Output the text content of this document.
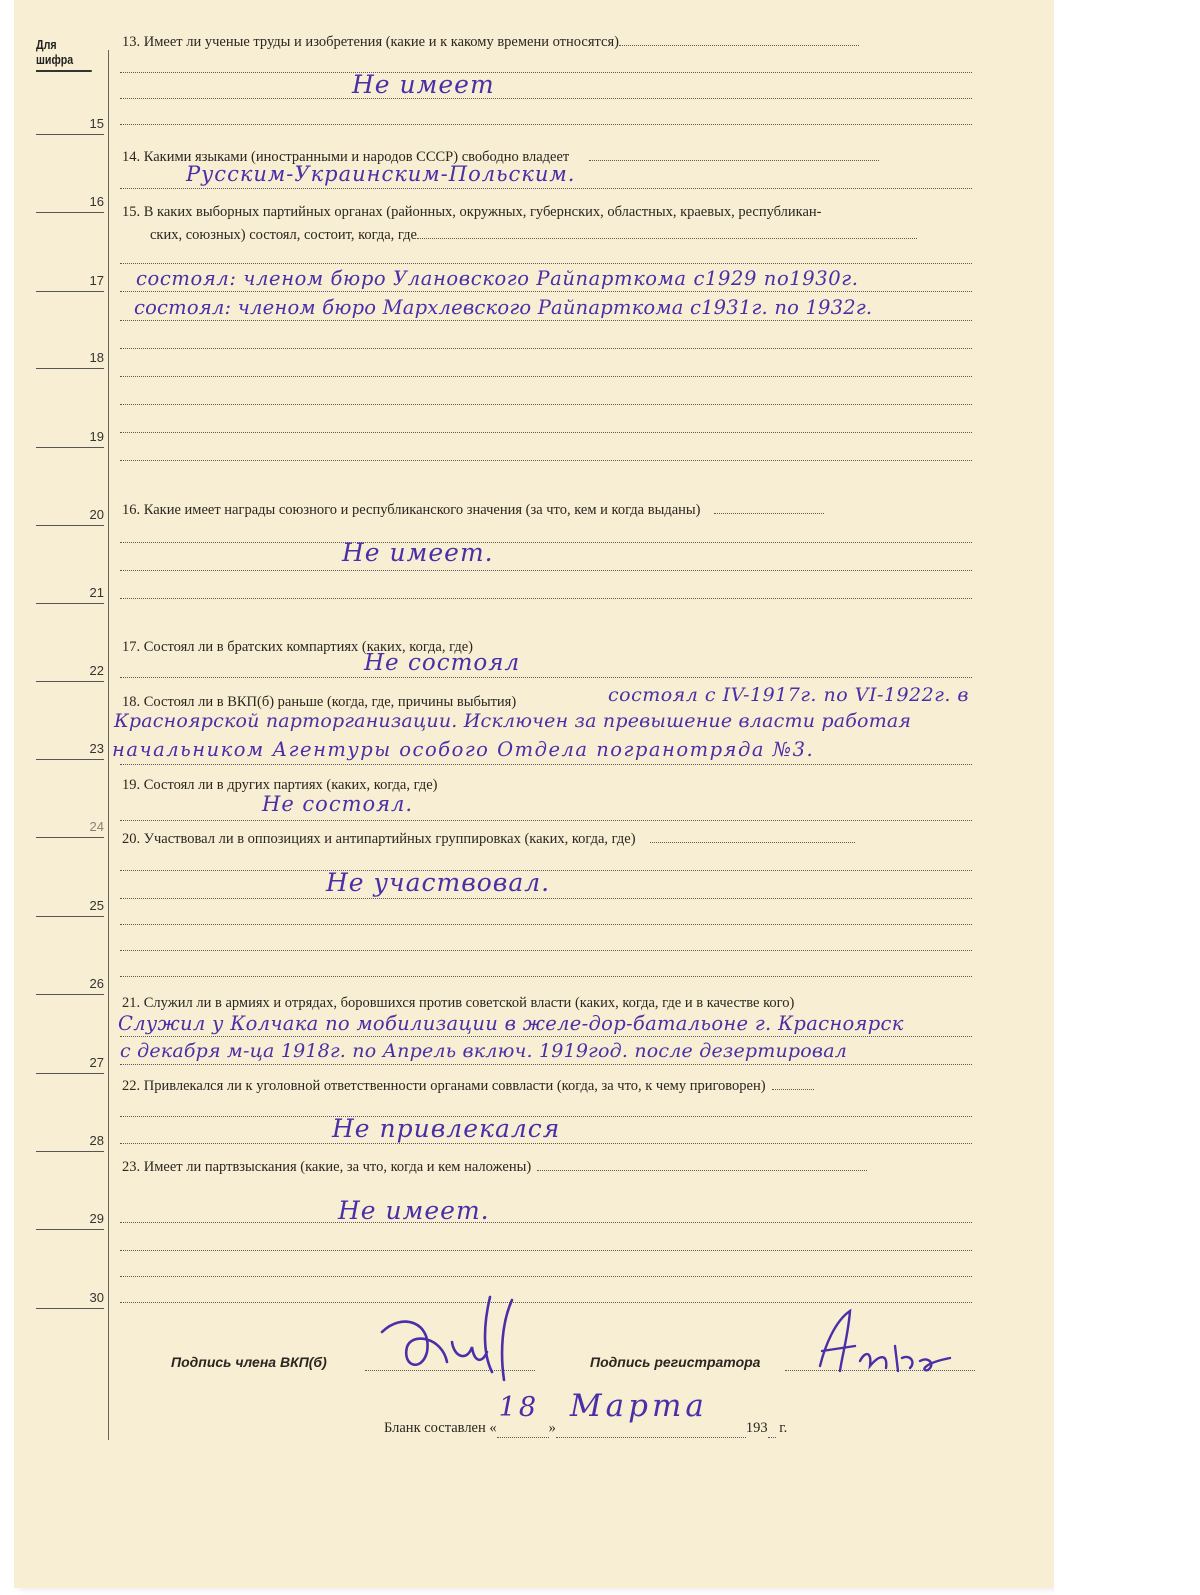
Для шифра
15
16
17
18
19
20
21
22
23
24
25
26
27
28
29
30
13. Имеет ли ученые труды и изобретения (какие и к какому времени относятся)
Не имеет
14. Какими языками (иностранными и народов СССР) свободно владеет
Русским-Украинским-Польским.
15. В каких выборных партийных органах (районных, окружных, губернских, областных, краевых, республикан-
ских, союзных) состоял, состоит, когда, где
состоял: членом бюро Улановского Райпарткома с1929 по1930г.
состоял: членом бюро Мархлевского Райпарткома с1931г. по 1932г.
16. Какие имеет награды союзного и республиканского значения (за что, кем и когда выданы)
Не имеет.
17. Состоял ли в братских компартиях (каких, когда, где)
Не состоял
18. Состоял ли в ВКП(б) раньше (когда, где, причины выбытия)	состоял с IV-1917г. по VI-1922г. в
Красноярской парторганизации. Исключен за превышение власти работая
начальником Агентуры особого Отдела погранотряда №3.
19. Состоял ли в других партиях (каких, когда, где)
Не состоял.
20. Участвовал ли в оппозициях и антипартийных группировках (каких, когда, где)
Не участвовал.
21. Служил ли в армиях и отрядах, боровшихся против советской власти (каких, когда, где и в качестве кого)
Служил у Колчака по мобилизации в желе-дор-батальоне г. Красноярск
с декабря м-ца 1918г. по Апрель включ. 1919год. после дезертировал
22. Привлекался ли к уголовной ответственности органами соввласти (когда, за что, к чему приговорен)
Не привлекался
23. Имеет ли партвзыскания (какие, за что, когда и кем наложены)
Не имеет.
Подпись члена ВКП(б)	Подпись регистратора
Бланк составлен «
18
»
Марта
193 г.
